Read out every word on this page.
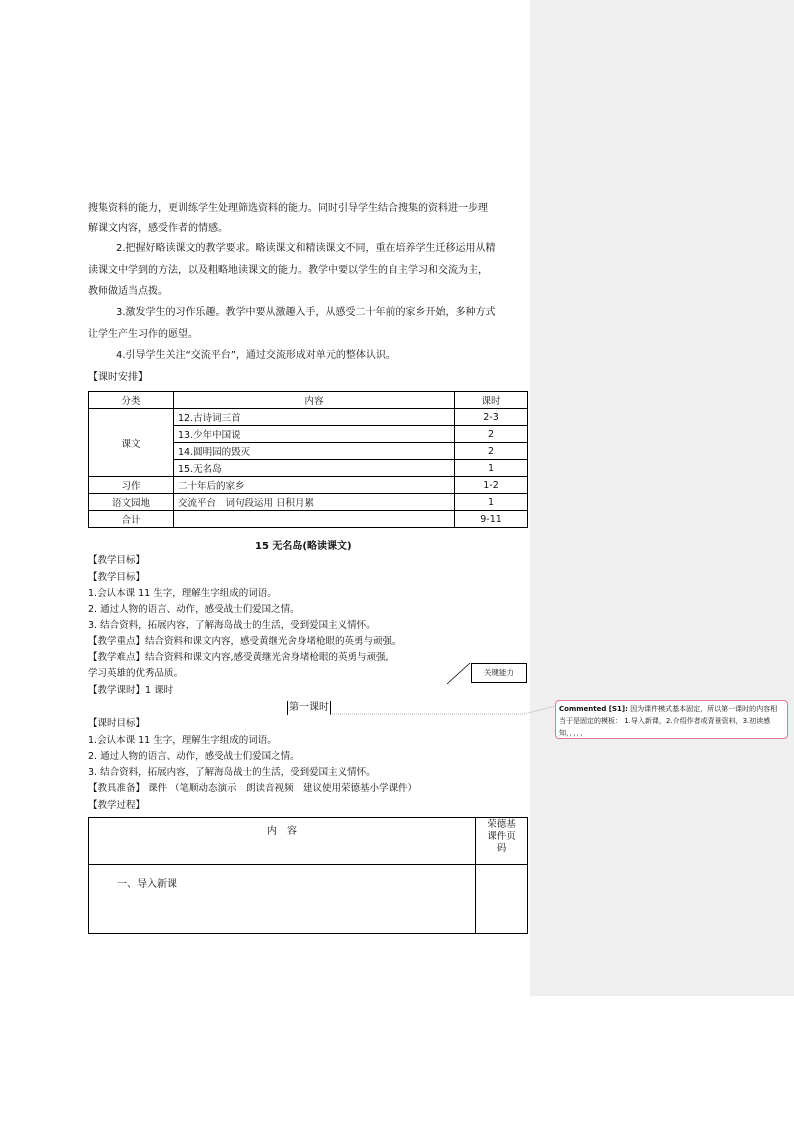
搜集资料的能力，更训练学生处理筛选资料的能力。同时引导学生结合搜集的资料进一步理
解课文内容，感受作者的情感。
2.把握好略读课文的教学要求。略读课文和精读课文不同，重在培养学生迁移运用从精
读课文中学到的方法，以及粗略地读课文的能力。教学中要以学生的自主学习和交流为主，
教师做适当点拨。
3.激发学生的习作乐趣。教学中要从激趣入手，从感受二十年前的家乡开始，多种方式
让学生产生习作的愿望。
4.引导学生关注“交流平台”，通过交流形成对单元的整体认识。
【课时安排】
分类	内容	课时
课文	12.古诗词三首	2-3
	13.少年中国说	2
	14.圆明园的毁灭	2
	15.无名岛	1
习作	二十年后的家乡	1-2
语文园地	交流平台　词句段运用 日积月累	1
合计		9-11
15 无名岛(略读课文)
【教学目标】
【教学目标】
1.会认本课 11 生字，理解生字组成的词语。
2. 通过人物的语言、动作，感受战士们爱国之情。
3. 结合资料，拓展内容，了解海岛战士的生活，受到爱国主义情怀。
【教学重点】结合资料和课文内容，感受黄继光舍身堵枪眼的英勇与顽强。
【教学难点】结合资料和课文内容,感受黄继光舍身堵枪眼的英勇与顽强,
学习英雄的优秀品质。
【教学课时】1 课时
第一课时
【课时目标】
1.会认本课 11 生字，理解生字组成的词语。
2. 通过人物的语言、动作，感受战士们爱国之情。
3. 结合资料，拓展内容，了解海岛战士的生活，受到爱国主义情怀。
【教具准备】 课件 （笔顺动态演示　朗读音视频　建议使用荣德基小学课件）
【教学过程】
内　容	荣德基
课件页
码

一、导入新课	
关键能力
Commented [S1]: 因为课件模式基本固定，所以第一课时的内容相当于是固定的模板： 1.导入新课，2.介绍作者或背景资料，3.初读感知，，，，，
